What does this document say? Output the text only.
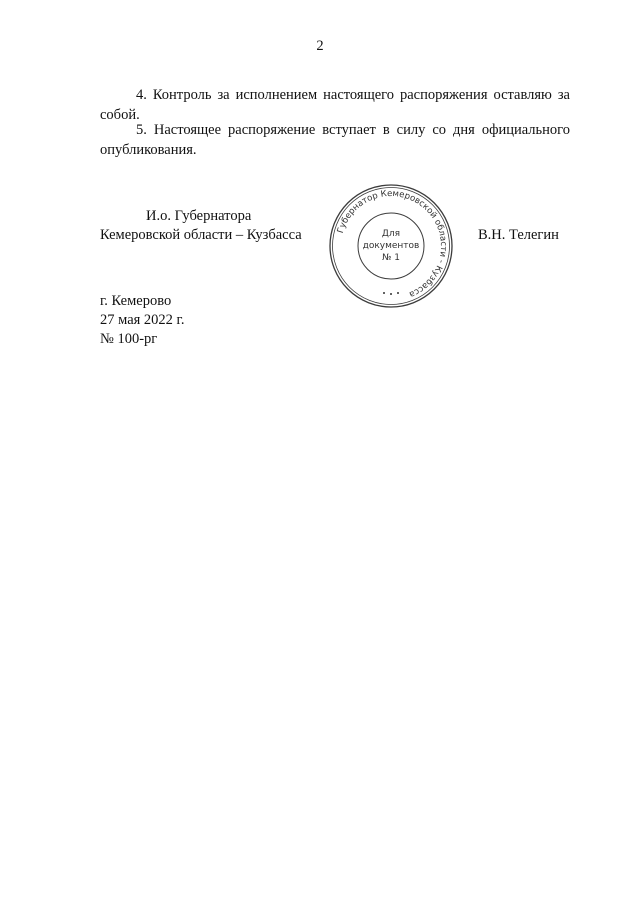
2

4. Контроль за исполнением настоящего распоряжения оставляю за собой.

5. Настоящее распоряжение вступает в силу со дня официального опубликования.

И.о. Губернатора
Кемеровской области – Кузбасса	В.Н. Телегин
Губернатор Кемеровской области - Кузбасса
Для
документов
№ 1
г. Кемерово
27 мая 2022 г.
№ 100-рг
